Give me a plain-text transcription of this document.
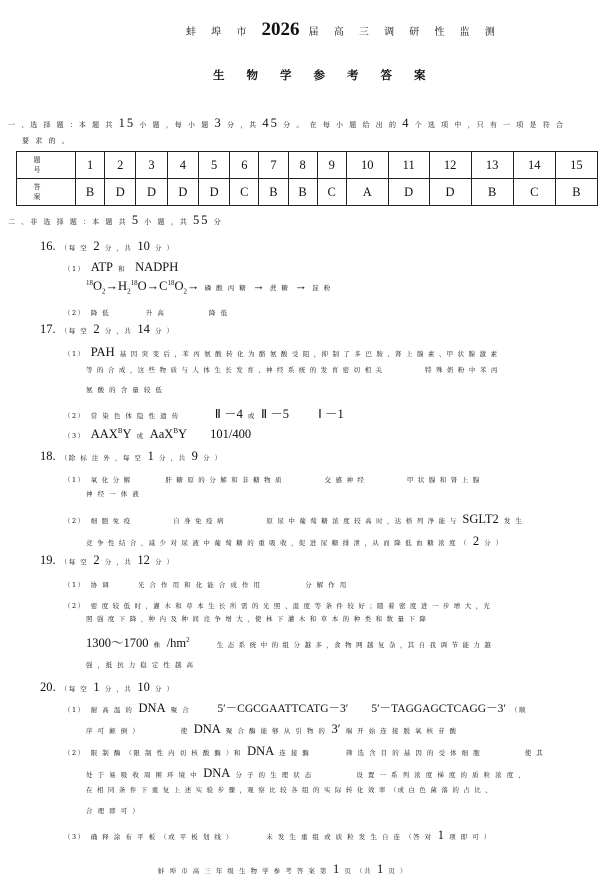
蚌 埠 市 2026 届 高 三 调 研 性 监 测
生 物 学 参 考 答 案
一 、选 择 题 ：本 题 共 15 小 题 ，每 小 题 3 分 ，共 45 分 。 在 每 小 题 给 出 的 4 个 选 项 中 ，只 有 一 项 是 符 合
要 求 的 。
题 号	1	2	3	4	5	6	7	8	9	10	11	12	13	14	15
答 案	B	D	D	D	D	C	B	B	C	A	D	D	B	C	B
二 、非 选 择 题 ：本 题 共 5 小 题 ，共 55 分
16. （每 空 2 分 ，共 10 分 ）
（1） ATP 和 NADPH
$^{18}O_2\to H_2^{18}O\to C^{18}O_2\to$ 磷 酸 丙 糖 → 蔗 糖 → 淀 粉
（2） 降 低　　　　 升 高　　　　　 降 低
17. （每 空 2 分 ，共 14 分 ）
（1） PAH 基 因 突 变 后 ，苯 丙 氨 酸 转 化 为 酪 氨 酸 受 阻 ，抑 制 了 多 巴 胺 、肾 上 腺 素 、甲 状 腺 激 素
等 的 合 成 ，这 些 物 质 与 人 体 生 长 发 育 、神 经 系 统 的 发 育 密 切 相 关　　　　　 特 殊 奶 粉 中 苯 丙
氨 酸 的 含 量 较 低
（2） 常 染 色 体 隐 性 遗 传	Ⅱ －4 或 Ⅱ －5 Ⅰ －1
（3） $AAX^BY$ 或 AaX$^B$Y 101/400
18. （除 标 注 外 ，每 空 1 分 ，共 9 分 ）
（1） 氧 化 分 解　　　　 肝 糖 原 的 分 解 和 非 糖 物 质　　　　　 交 感 神 经　　　　　 甲 状 腺 和 肾 上 腺
神 经 一 体 液
（2） 细 胞 免 疫　　　　　 自 身 免 疫 病　　　　　 原 尿 中 葡 萄 糖 浓 度 较 高 时 ，达 格 列 净 能 与 SGLT2 发 生
竞 争 性 结 合 ，减 少 对 尿 液 中 葡 萄 糖 的 重 吸 收 ，促 进 尿 糖 排 泄 ，从 而 降 低 血 糖 浓 度 （ 2 分 ）
19. （每 空 2 分 ，共 12 分 ）
（1） 协 调　　　 光 合 作 用 和 化 能 合 成 作 用　　　　　 分 解 作 用
（2） 密 度 较 低 时 ，灌 木 和 草 本 生 长 所 需 的 光 照 、湿 度 等 条 件 较 好 ；随 着 密 度 进 一 步 增 大 ，光
照 强 度 下 降 ，种 内 及 种 间 竞 争 增 大 ，使 林 下 灌 木 和 草 本 的 种 类 和 数 量 下 降
1300～1700 株 $/hm^2$ 生 态 系 统 中 的 组 分 越 多 ，食 物 网 越 复 杂 ，其 自 我 调 节 能 力 越
强 ，抵 抗 力 稳 定 性 越 高
20. （每 空 1 分 ，共 10 分 ）
（1） 耐 高 温 的 DNA 聚 合 5′－CGCGAATTCATG－3′ 5′－TAGGAGCTCAGG－3′ （顺
序 可 颠 倒 ）　　　　　 使 DNA 聚 合 酶 能 够 从 引 物 的 3′ 端 开 始 连 接 脱 氧 核 苷 酸
（2） 限 制 酶 （限 制 性 内 切 核 酸 酶 ）和 DNA 连 接 酶　　　　 筛 选 含 目 的 基 因 的 受 体 细 胞　　　　　 使 其
处 于 易 吸 收 周 围 环 境 中 DNA 分 子 的 生 理 状 态　　　　　 设 置 一 系 列 浓 度 梯 度 的 质 粒 浓 度 ，
在 相 同 条 件 下 重 复 上 述 实 验 步 骤 ，观 察 比 较 各 组 的 实 际 转 化 效 率 （或 白 色 菌 落 的 占 比 、
合 理 即 可 ）
（3） 确 释 涂 布 平 板 （或 平 板 划 线 ）　　　　 未 发 生 重 组 或 质 粒 发 生 自 连 （答 对 1 项 即 可 ）
蚌 埠 市 高 三 年 级 生 物 学 参 考 答 案 第 1 页 （共 1 页 ）
